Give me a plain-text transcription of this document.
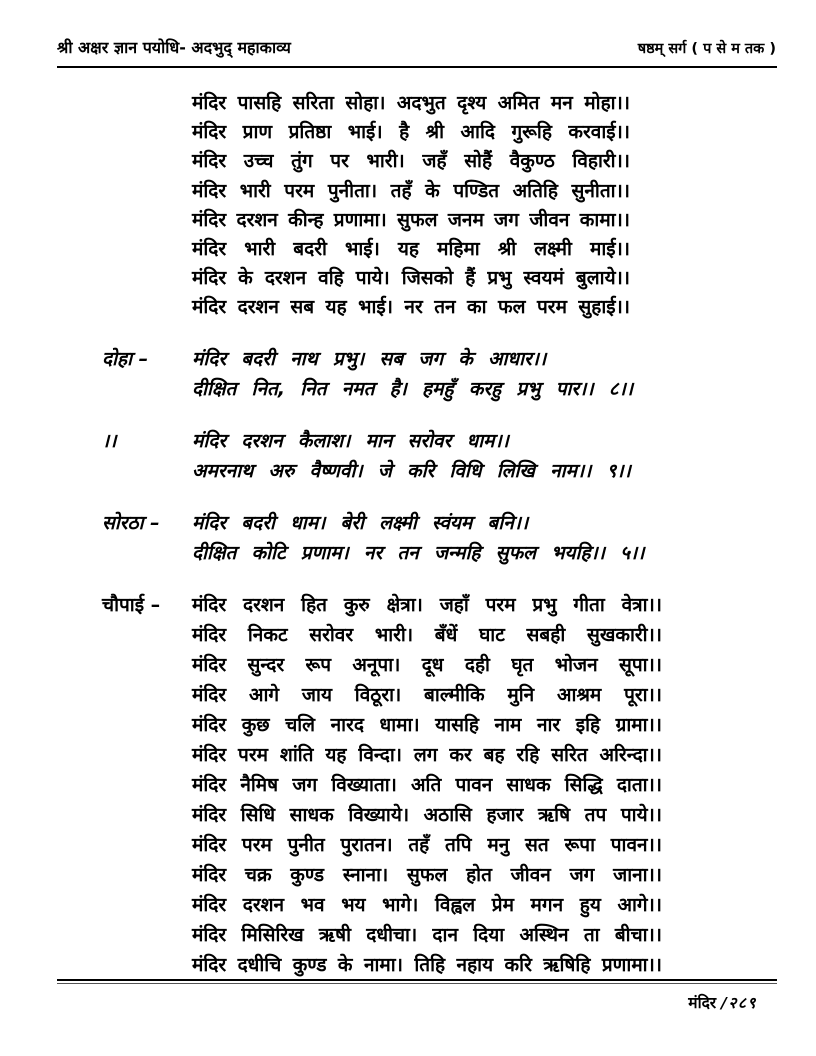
श्री अक्षर ज्ञान पयोधि- अदभुद् महाकाव्य	षष्ठम् सर्ग ( प से म तक )

मंदिर पासहि सरिता सोहा। अदभुत दृश्य अमित मन मोहा।।

मंदिर प्राण प्रतिष्ठा भाई। है श्री आदि गुरूहि करवाई।।

मंदिर उच्च तुंग पर भारी। जहँ सोहैं वैकुण्ठ विहारी।।

मंदिर भारी परम पुनीता। तहँ के पण्डित अतिहि सुनीता।।

मंदिर दरशन कीन्ह प्रणामा। सुफल जनम जग जीवन कामा।।

मंदिर भारी बदरी भाई। यह महिमा श्री लक्ष्मी माई।।

मंदिर के दरशन वहि पाये। जिसको हैं प्रभु स्वयमं बुलाये।।

मंदिर दरशन सब यह भाई। नर तन का फल परम सुहाई।।

दोहा –	मंदिर बदरी नाथ प्रभु। सब जग के आधार।।

दीक्षित नित, नित नमत है। हमहुँ करहु प्रभु पार।। ८।।

।।	मंदिर दरशन कैलाश। मान सरोवर धाम।।

अमरनाथ अरु वैष्णवी। जे करि विधि लिखि नाम।। ९।।

सोरठा –	मंदिर बदरी धाम। बेरी लक्ष्मी स्वंयम बनि।।

दीक्षित कोटि प्रणाम। नर तन जन्महि सुफल भयहि।। ५।।

चौपाई –	मंदिर दरशन हित कुरु क्षेत्रा। जहाँ परम प्रभु गीता वेत्रा।।

मंदिर निकट सरोवर भारी। बँधें घाट सबही सुखकारी।।

मंदिर सुन्दर रूप अनूपा। दूध दही घृत भोजन सूपा।।

मंदिर आगे जाय विठूरा। बाल्मीकि मुनि आश्रम पूरा।।

मंदिर कुछ चलि नारद धामा। यासहि नाम नार इहि ग्रामा।।

मंदिर परम शांति यह विन्दा। लग कर बह रहि सरित अरिन्दा।।

मंदिर नैमिष जग विख्याता। अति पावन साधक सिद्धि दाता।।

मंदिर सिधि साधक विख्याये। अठासि हजार ऋषि तप पाये।।

मंदिर परम पुनीत पुरातन। तहँ तपि मनु सत रूपा पावन।।

मंदिर चक्र कुण्ड स्नाना। सुफल होत जीवन जग जाना।।

मंदिर दरशन भव भय भागे। विह्वल प्रेम मगन हुय आगे।।

मंदिर मिसिरिख ऋषी दधीचा। दान दिया अस्थिन ता बीचा।।

मंदिर दधीचि कुण्ड के नामा। तिहि नहाय करि ऋषिहि प्रणामा।।

मंदिर /२८९
